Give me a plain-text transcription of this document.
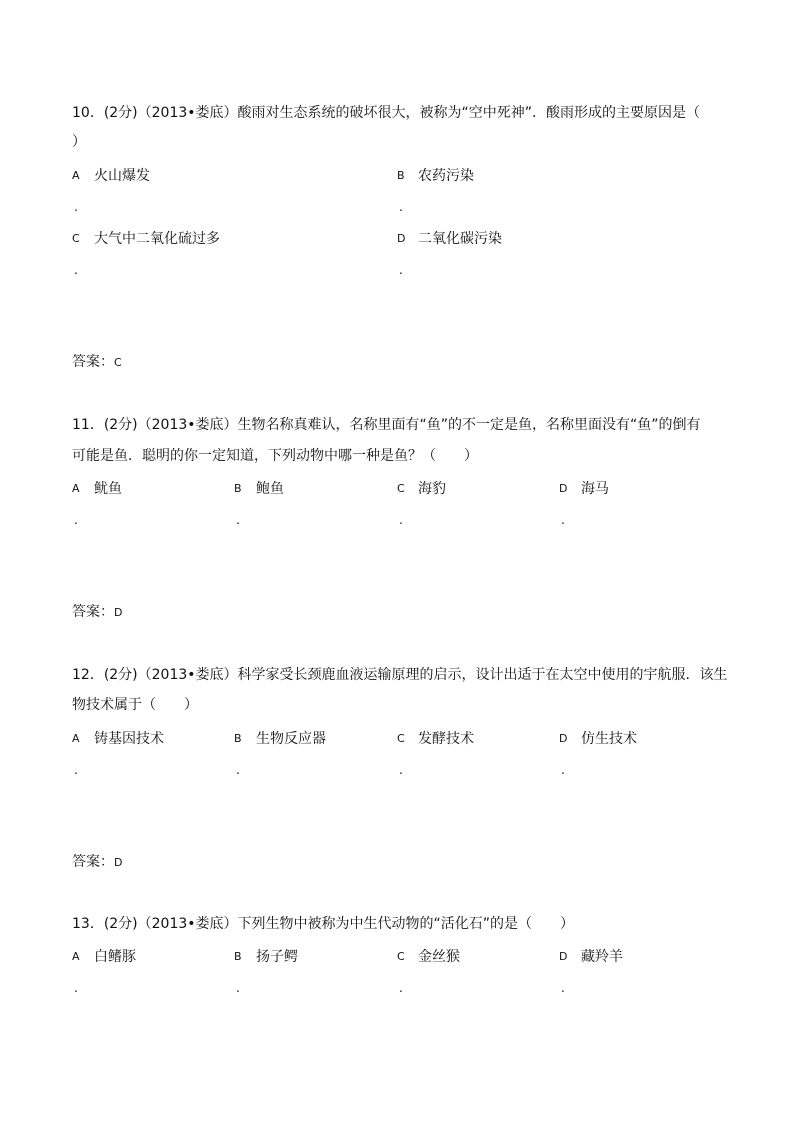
10．(2分)（2013•娄底）酸雨对生态系统的破坏很大，被称为“空中死神”．酸雨形成的主要原因是（
）
A 火山爆发
.
B 农药污染
.
C 大气中二氧化硫过多
.
D 二氧化碳污染
.
答案：C
11．(2分)（2013•娄底）生物名称真难认，名称里面有“鱼”的不一定是鱼，名称里面没有“鱼”的倒有
可能是鱼．聪明的你一定知道，下列动物中哪一种是鱼？（　　）
A 鱿鱼
.
B 鲍鱼
.
C 海豹
.
D 海马
.
答案：D
12．(2分)（2013•娄底）科学家受长颈鹿血液运输原理的启示，设计出适于在太空中使用的宇航服．该生
物技术属于（　　）
A 铸基因技术
.
B 生物反应器
.
C 发酵技术
.
D 仿生技术
.
答案：D
13．(2分)（2013•娄底）下列生物中被称为中生代动物的“活化石”的是（　　）
A 白鳍豚
.
B 扬子鳄
.
C 金丝猴
.
D 藏羚羊
.
